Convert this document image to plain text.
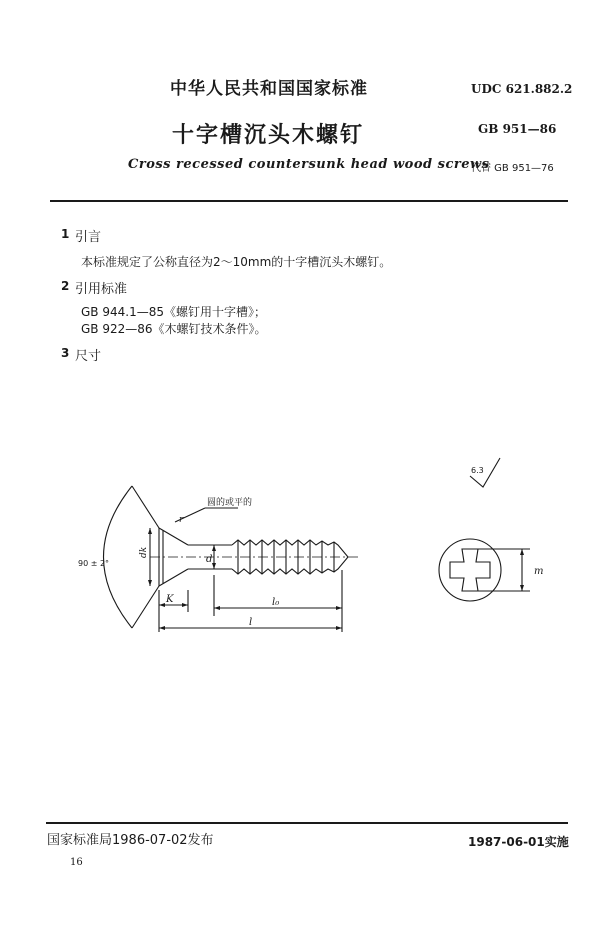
中华人民共和国国家标准	UDC 621.882.2
十字槽沉头木螺钉	GB 951—86
Cross recessed countersunk head wood screws
代替 GB 951—76
1 引言
本标准规定了公称直径为2～10mm的十字槽沉头木螺钉。
2 引用标准
GB 944.1—85《螺钉用十字槽》；
GB 922—86《木螺钉技术条件》。
3 尺寸
6.3
圆的或平的
90 ± 2°
dk
d
r
K	l₀
l
m
国家标准局1986-07-02发布	1987-06-01实施
16
